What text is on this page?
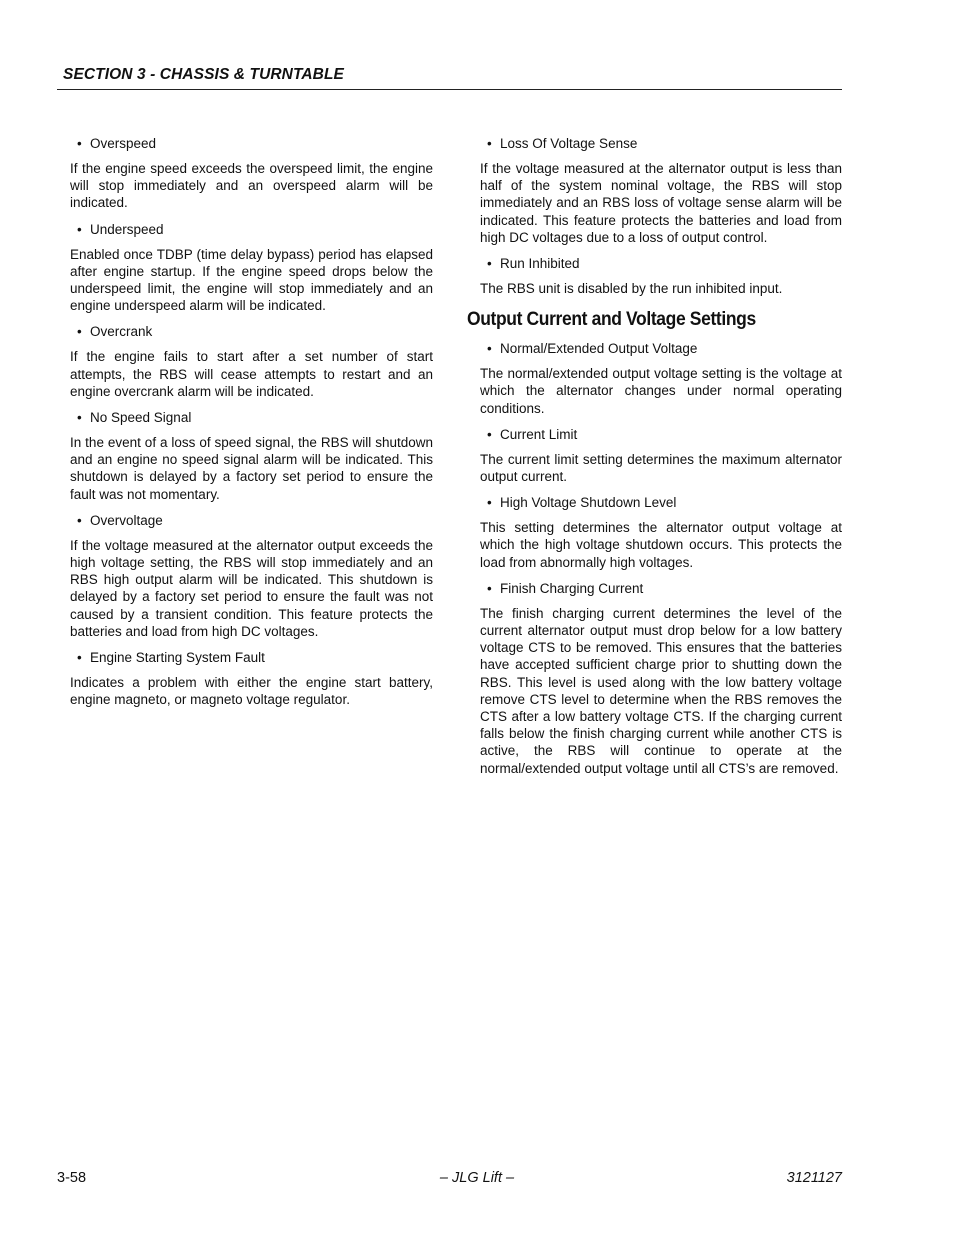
SECTION 3 - CHASSIS & TURNTABLE
• Overspeed

If the engine speed exceeds the overspeed limit, the engine will stop immediately and an overspeed alarm will be indicated.

• Underspeed

Enabled once TDBP (time delay bypass) period has elapsed after engine startup. If the engine speed drops below the underspeed limit, the engine will stop immediately and an engine underspeed alarm will be indicated.

• Overcrank

If the engine fails to start after a set number of start attempts, the RBS will cease attempts to restart and an engine overcrank alarm will be indicated.

• No Speed Signal

In the event of a loss of speed signal, the RBS will shutdown and an engine no speed signal alarm will be indicated. This shutdown is delayed by a factory set period to ensure the fault was not momentary.

• Overvoltage

If the voltage measured at the alternator output exceeds the high voltage setting, the RBS will stop immediately and an RBS high output alarm will be indicated. This shutdown is delayed by a factory set period to ensure the fault was not caused by a transient condition. This feature protects the batteries and load from high DC voltages.

• Engine Starting System Fault

Indicates a problem with either the engine start battery, engine magneto, or magneto voltage regulator.

• Loss Of Voltage Sense

If the voltage measured at the alternator output is less than half of the system nominal voltage, the RBS will stop immediately and an RBS loss of voltage sense alarm will be indicated. This feature protects the batteries and load from high DC voltages due to a loss of output control.

• Run Inhibited

The RBS unit is disabled by the run inhibited input.

Output Current and Voltage Settings
• Normal/Extended Output Voltage

The normal/extended output voltage setting is the voltage at which the alternator changes under normal operating conditions.

• Current Limit

The current limit setting determines the maximum alternator output current.

• High Voltage Shutdown Level

This setting determines the alternator output voltage at which the high voltage shutdown occurs. This protects the load from abnormally high voltages.

• Finish Charging Current

The finish charging current determines the level of the current alternator output must drop below for a low battery voltage CTS to be removed. This ensures that the batteries have accepted sufficient charge prior to shutting down the RBS. This level is used along with the low battery voltage remove CTS level to determine when the RBS removes the CTS after a low battery voltage CTS. If the charging current falls below the finish charging current while another CTS is active, the RBS will continue to operate at the normal/extended output voltage until all CTS’s are removed.

3-58	– JLG Lift –	3121127
